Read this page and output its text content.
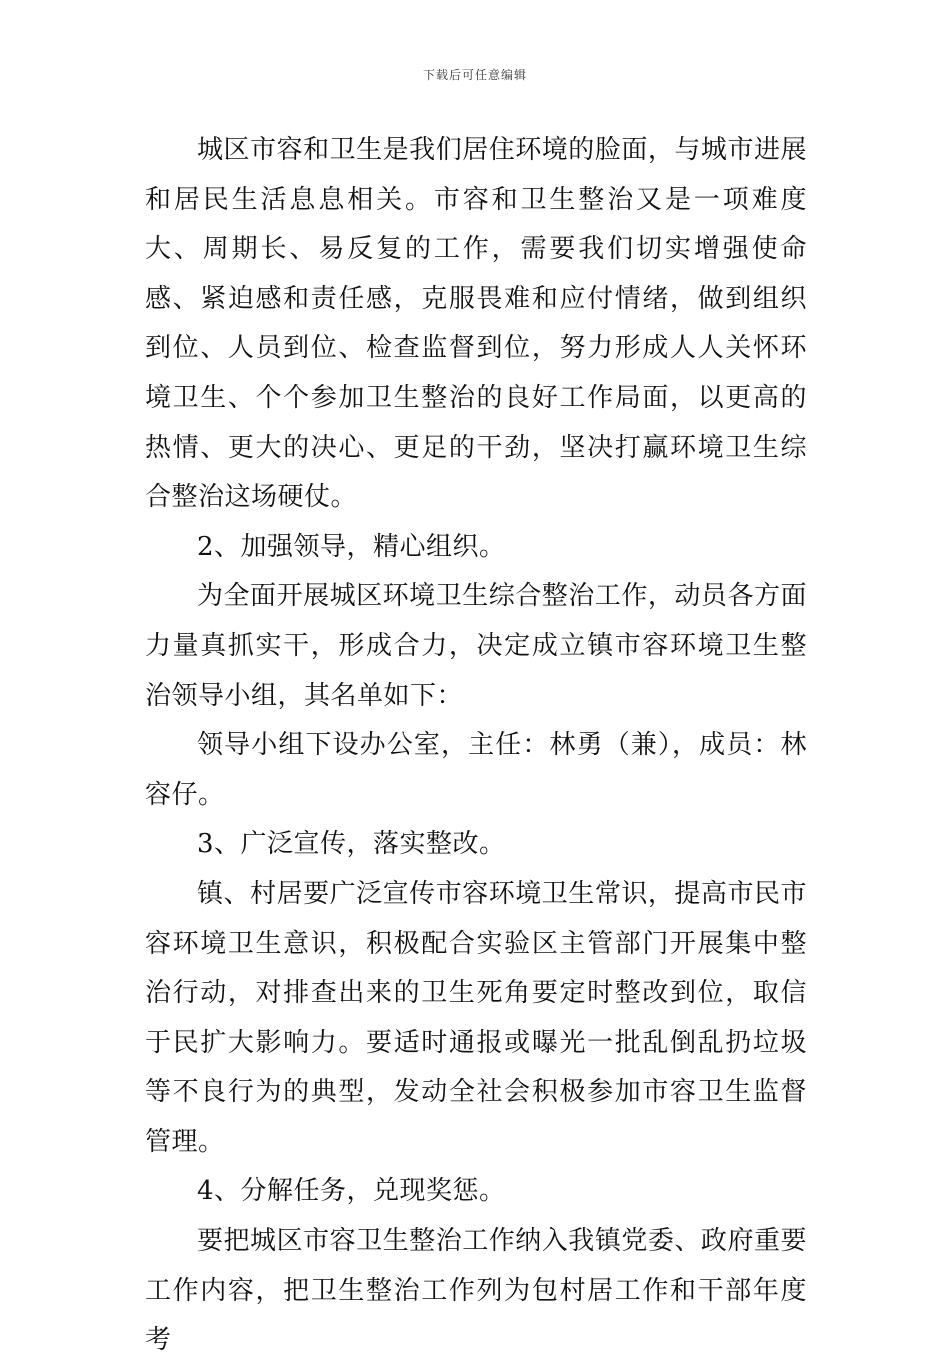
下载后可任意编辑

城区市容和卫生是我们居住环境的脸面，与城市进展和居民生活息息相关。市容和卫生整治又是一项难度大、周期长、易反复的工作，需要我们切实增强使命感、紧迫感和责任感，克服畏难和应付情绪，做到组织到位、人员到位、检查监督到位，努力形成人人关怀环境卫生、个个参加卫生整治的良好工作局面，以更高的热情、更大的决心、更足的干劲，坚决打赢环境卫生综合整治这场硬仗。

2、加强领导，精心组织。

为全面开展城区环境卫生综合整治工作，动员各方面力量真抓实干，形成合力，决定成立镇市容环境卫生整治领导小组，其名单如下：

领导小组下设办公室，主任：林勇（兼），成员：林容仔。

3、广泛宣传，落实整改。

镇、村居要广泛宣传市容环境卫生常识，提高市民市容环境卫生意识，积极配合实验区主管部门开展集中整治行动，对排查出来的卫生死角要定时整改到位，取信于民扩大影响力。要适时通报或曝光一批乱倒乱扔垃圾等不良行为的典型，发动全社会积极参加市容卫生监督管理。

4、分解任务，兑现奖惩。

要把城区市容卫生整治工作纳入我镇党委、政府重要工作内容，把卫生整治工作列为包村居工作和干部年度考
